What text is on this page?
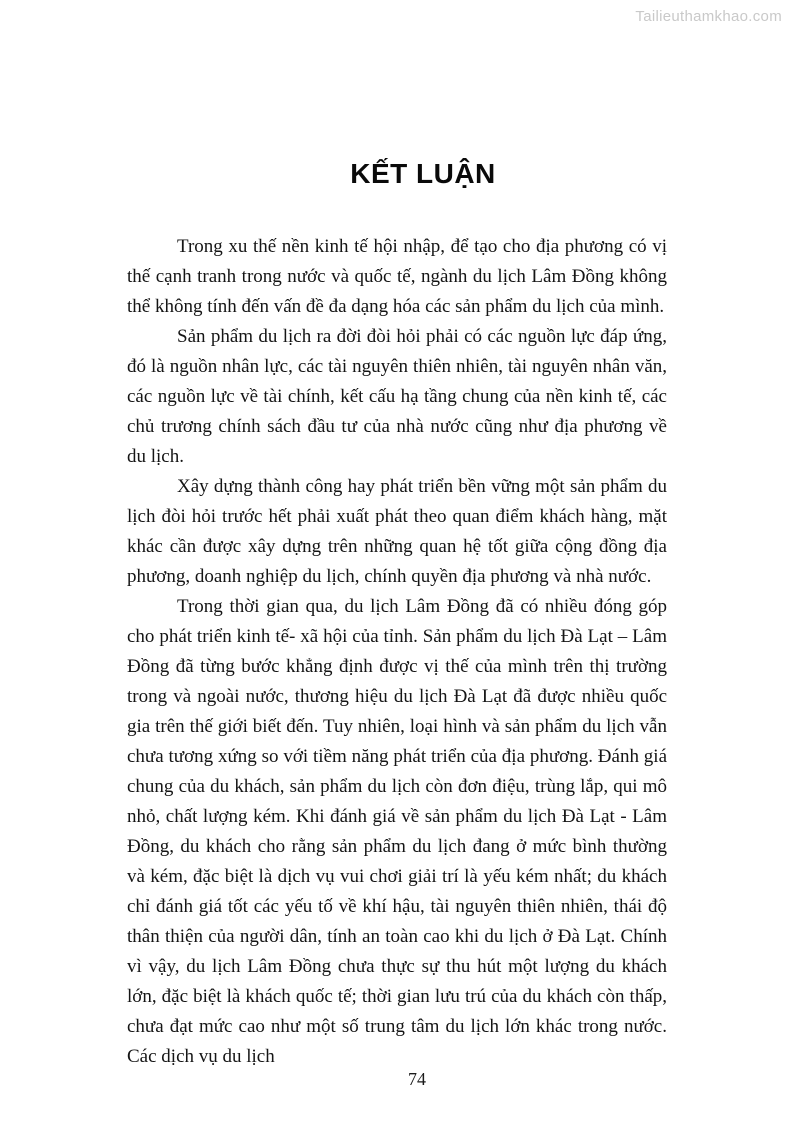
Tailieuthamkhao.com
KẾT LUẬN

Trong xu thế nền kinh tế hội nhập, để tạo cho địa phương có vị thế cạnh tranh trong nước và quốc tế, ngành du lịch Lâm Đồng không thể không tính đến vấn đề đa dạng hóa các sản phẩm du lịch của mình.

Sản phẩm du lịch ra đời đòi hỏi phải có các nguồn lực đáp ứng, đó là nguồn nhân lực, các tài nguyên thiên nhiên, tài nguyên nhân văn, các nguồn lực về tài chính, kết cấu hạ tầng chung của nền kinh tế, các chủ trương chính sách đầu tư của nhà nước cũng như địa phương về du lịch.

Xây dựng thành công hay phát triển bền vững một sản phẩm du lịch đòi hỏi trước hết phải xuất phát theo quan điểm khách hàng, mặt khác cần được xây dựng trên những quan hệ tốt giữa cộng đồng địa phương, doanh nghiệp du lịch, chính quyền địa phương và nhà nước.

Trong thời gian qua, du lịch Lâm Đồng đã có nhiều đóng góp cho phát triển kinh tế- xã hội của tỉnh. Sản phẩm du lịch Đà Lạt – Lâm Đồng đã từng bước khẳng định được vị thế của mình trên thị trường trong và ngoài nước, thương hiệu du lịch Đà Lạt đã được nhiều quốc gia trên thế giới biết đến. Tuy nhiên, loại hình và sản phẩm du lịch vẫn chưa tương xứng so với tiềm năng phát triển của địa phương. Đánh giá chung của du khách, sản phẩm du lịch còn đơn điệu, trùng lắp, qui mô nhỏ, chất lượng kém. Khi đánh giá về sản phẩm du lịch Đà Lạt - Lâm Đồng, du khách cho rằng sản phẩm du lịch đang ở mức bình thường và kém, đặc biệt là dịch vụ vui chơi giải trí là yếu kém nhất; du khách chỉ đánh giá tốt các yếu tố về khí hậu, tài nguyên thiên nhiên, thái độ thân thiện của người dân, tính an toàn cao khi du lịch ở Đà Lạt. Chính vì vậy, du lịch Lâm Đồng chưa thực sự thu hút một lượng du khách lớn, đặc biệt là khách quốc tế; thời gian lưu trú của du khách còn thấp, chưa đạt mức cao như một số trung tâm du lịch lớn khác trong nước. Các dịch vụ du lịch

74
